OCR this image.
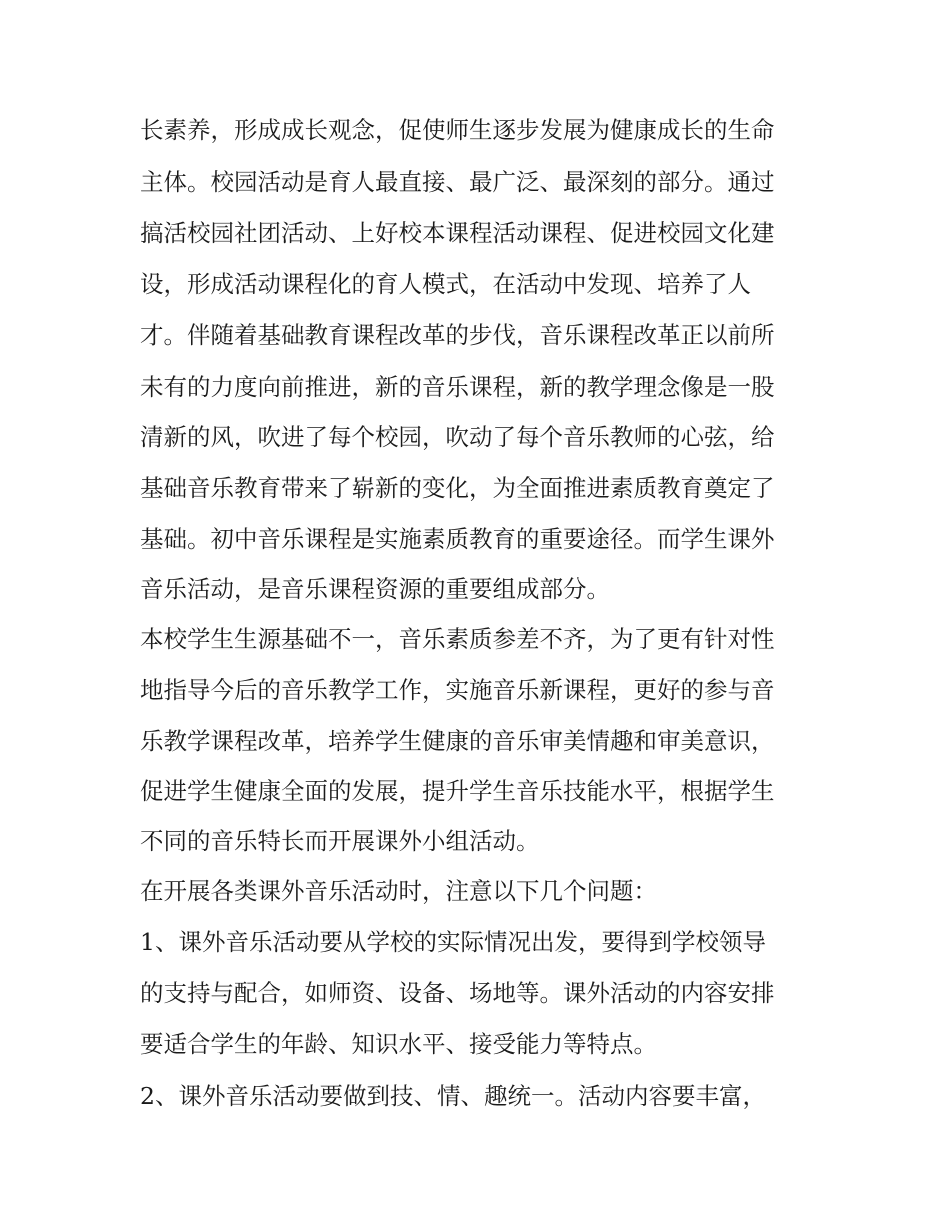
长素养，形成成长观念，促使师生逐步发展为健康成长的生命

主体。校园活动是育人最直接、最广泛、最深刻的部分。通过

搞活校园社团活动、上好校本课程活动课程、促进校园文化建

设，形成活动课程化的育人模式，在活动中发现、培养了人

才。伴随着基础教育课程改革的步伐，音乐课程改革正以前所

未有的力度向前推进，新的音乐课程，新的教学理念像是一股

清新的风，吹进了每个校园，吹动了每个音乐教师的心弦，给

基础音乐教育带来了崭新的变化，为全面推进素质教育奠定了

基础。初中音乐课程是实施素质教育的重要途径。而学生课外

音乐活动，是音乐课程资源的重要组成部分。

本校学生生源基础不一，音乐素质参差不齐，为了更有针对性

地指导今后的音乐教学工作，实施音乐新课程，更好的参与音

乐教学课程改革，培养学生健康的音乐审美情趣和审美意识，

促进学生健康全面的发展，提升学生音乐技能水平，根据学生

不同的音乐特长而开展课外小组活动。

在开展各类课外音乐活动时，注意以下几个问题：

1、课外音乐活动要从学校的实际情况出发，要得到学校领导

的支持与配合，如师资、设备、场地等。课外活动的内容安排

要适合学生的年龄、知识水平、接受能力等特点。

2、课外音乐活动要做到技、情、趣统一。活动内容要丰富，
